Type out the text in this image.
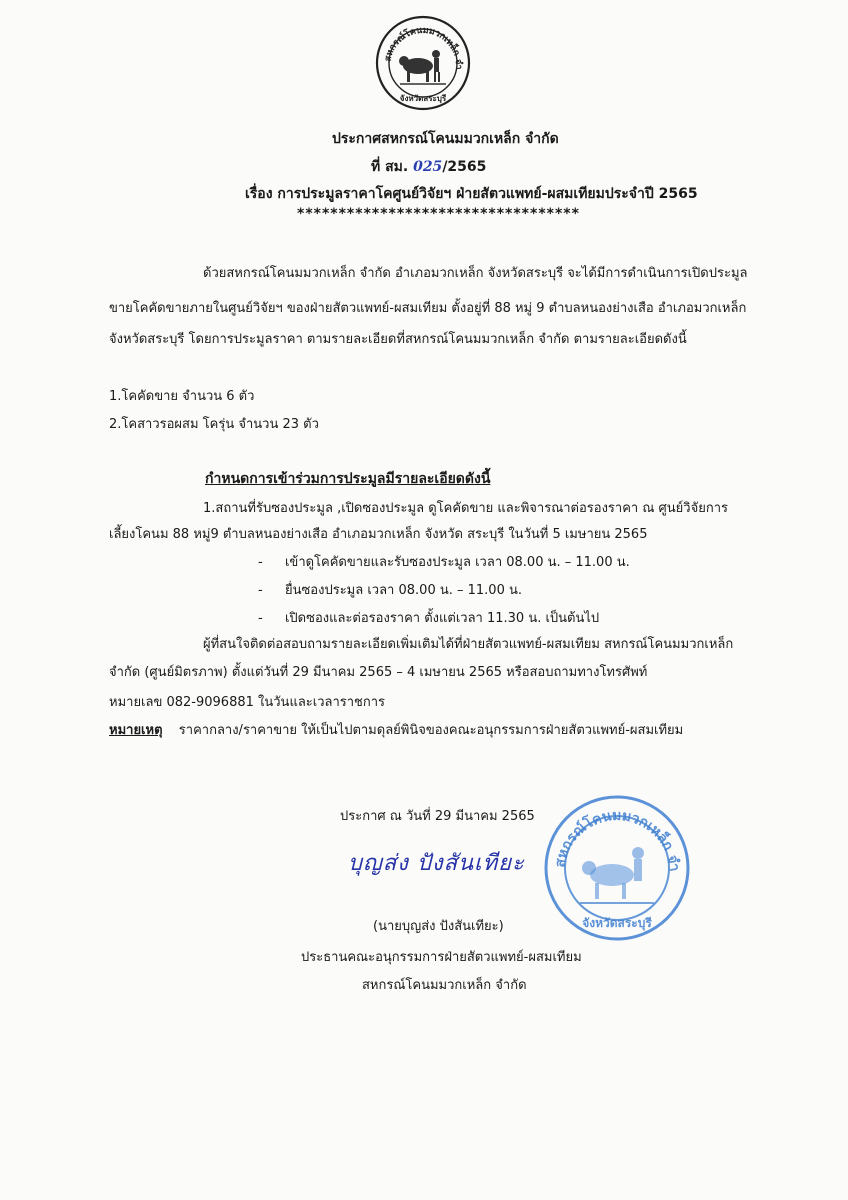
สหกรณ์โคนมมวกเหล็ก จำ
จังหวัดสระบุรี
ประกาศสหกรณ์โคนมมวกเหล็ก จำกัด
ที่ สม. 025/2565
เรื่อง การประมูลราคาโคศูนย์วิจัยฯ ฝ่ายสัตวแพทย์-ผสมเทียมประจำปี 2565
**********************************
ด้วยสหกรณ์โคนมมวกเหล็ก จำกัด อำเภอมวกเหล็ก จังหวัดสระบุรี จะได้มีการดำเนินการเปิดประมูล
ขายโคคัดขายภายในศูนย์วิจัยฯ ของฝ่ายสัตวแพทย์-ผสมเทียม ตั้งอยู่ที่ 88 หมู่ 9 ตำบลหนองย่างเสือ อำเภอมวกเหล็ก
จังหวัดสระบุรี โดยการประมูลราคา ตามรายละเอียดที่สหกรณ์โคนมมวกเหล็ก จำกัด ตามรายละเอียดดังนี้
1.โคคัดขาย จำนวน 6 ตัว
2.โคสาวรอผสม โครุ่น จำนวน 23 ตัว
กำหนดการเข้าร่วมการประมูลมีรายละเอียดดังนี้
1.สถานที่รับซองประมูล ,เปิดซองประมูล ดูโคคัดขาย และพิจารณาต่อรองราคา ณ ศูนย์วิจัยการ
เลี้ยงโคนม 88 หมู่9 ตำบลหนองย่างเสือ อำเภอมวกเหล็ก จังหวัด สระบุรี ในวันที่ 5 เมษายน 2565
- เข้าดูโคคัดขายและรับซองประมูล เวลา 08.00 น. – 11.00 น.
- ยื่นซองประมูล เวลา 08.00 น. – 11.00 น.
- เปิดซองและต่อรองราคา ตั้งแต่เวลา 11.30 น. เป็นต้นไป
ผู้ที่สนใจติดต่อสอบถามรายละเอียดเพิ่มเติมได้ที่ฝ่ายสัตวแพทย์-ผสมเทียม สหกรณ์โคนมมวกเหล็ก
จำกัด (ศูนย์มิตรภาพ) ตั้งแต่วันที่ 29 มีนาคม 2565 – 4 เมษายน 2565 หรือสอบถามทางโทรศัพท์
หมายเลข 082-9096881 ในวันและเวลาราชการ
หมายเหตุ ราคากลาง/ราคาขาย ให้เป็นไปตามดุลย์พินิจของคณะอนุกรรมการฝ่ายสัตวแพทย์-ผสมเทียม
ประกาศ ณ วันที่ 29 มีนาคม 2565
บุญส่ง ปังสันเทียะ
(นายบุญส่ง ปังสันเทียะ)
ประธานคณะอนุกรรมการฝ่ายสัตวแพทย์-ผสมเทียม
สหกรณ์โคนมมวกเหล็ก จำกัด
สหกรณ์โคนมมวกเหล็ก จำ
จังหวัดสระบุรี
